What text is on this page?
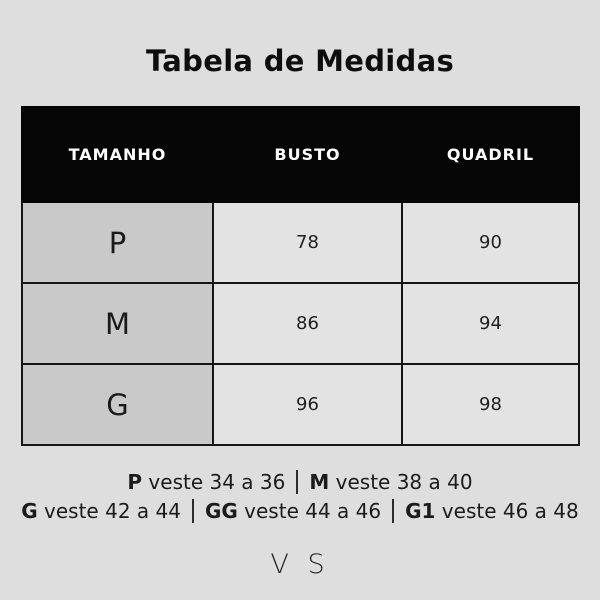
Tabela de Medidas
TAMANHO	BUSTO	QUADRIL
P	78	90
M	86	94
G	96	98
P veste 34 a 36 M veste 38 a 40
G veste 42 a 44 GG veste 44 a 46 G1 veste 46 a 48
V S
